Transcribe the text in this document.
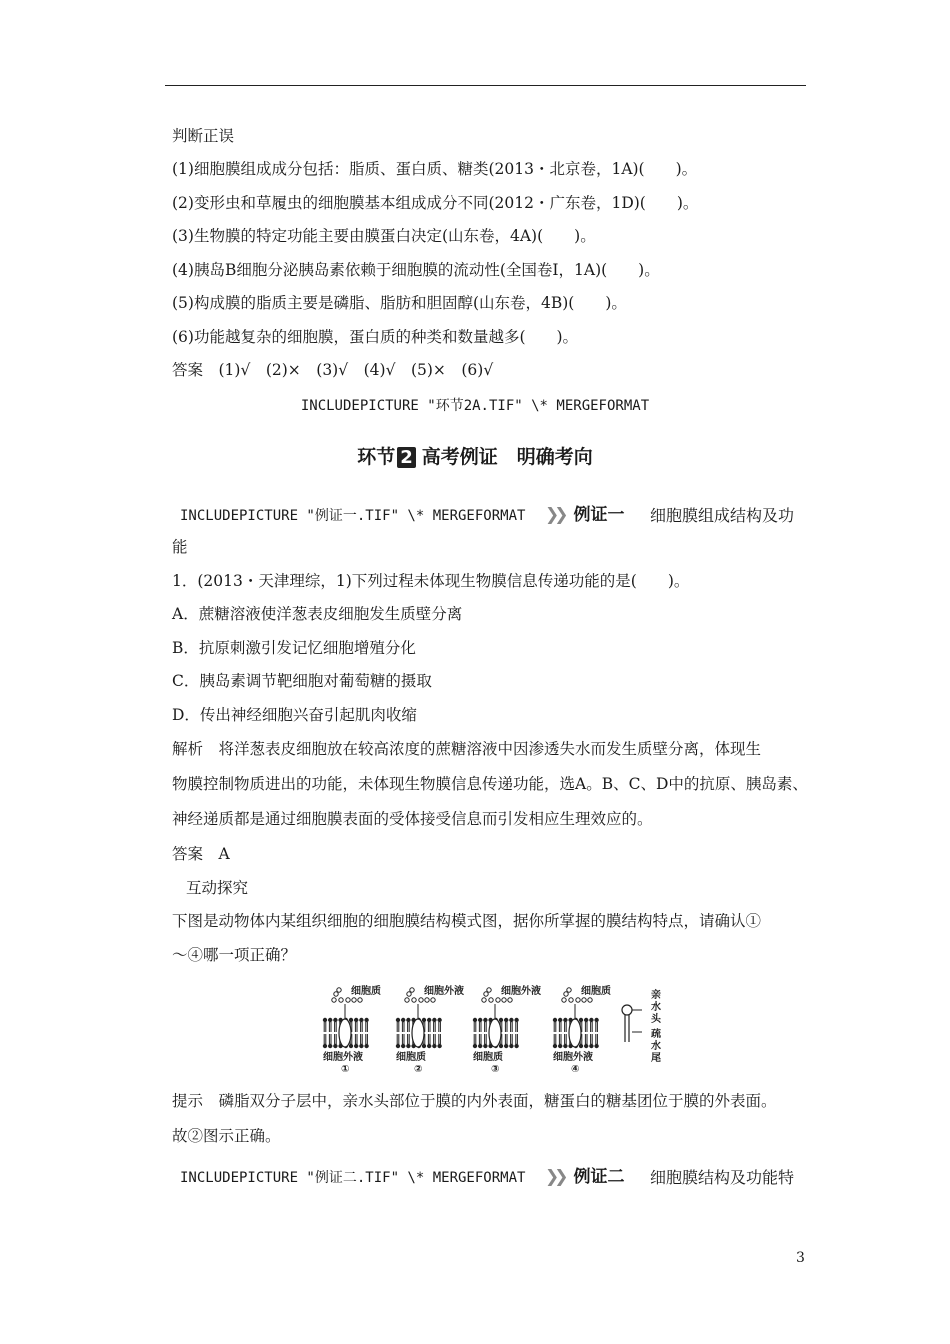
判断正误
(1)细胞膜组成成分包括：脂质、蛋白质、糖类(2013・北京卷，1A)(　　)。
(2)变形虫和草履虫的细胞膜基本组成成分不同(2012・广东卷，1D)(　　)。
(3)生物膜的特定功能主要由膜蛋白决定(山东卷，4A)(　　)。
(4)胰岛B细胞分泌胰岛素依赖于细胞膜的流动性(全国卷Ⅰ，1A)(　　)。
(5)构成膜的脂质主要是磷脂、脂肪和胆固醇(山东卷，4B)(　　)。
(6)功能越复杂的细胞膜，蛋白质的种类和数量越多(　　)。
答案　(1)√　(2)×　(3)√　(4)√　(5)×　(6)√
INCLUDEPICTURE "环节2A.TIF" \* MERGEFORMAT
环节 2 高考例证　明确考向
INCLUDEPICTURE "例证一.TIF" \* MERGEFORMAT ❯❯ 例证一 细胞膜组成结构及功
能
1．(2013・天津理综，1)下列过程未体现生物膜信息传递功能的是(　　)。
A．蔗糖溶液使洋葱表皮细胞发生质壁分离
B．抗原刺激引发记忆细胞增殖分化
C．胰岛素调节靶细胞对葡萄糖的摄取
D．传出神经细胞兴奋引起肌肉收缩
解析　将洋葱表皮细胞放在较高浓度的蔗糖溶液中因渗透失水而发生质壁分离，体现生
物膜控制物质进出的功能，未体现生物膜信息传递功能，选A。B、C、D中的抗原、胰岛素、
神经递质都是通过细胞膜表面的受体接受信息而引发相应生理效应的。
答案　A
互动探究
下图是动物体内某组织细胞的细胞膜结构模式图，据你所掌握的膜结构特点，请确认①
～④哪一项正确？
细胞质
细胞外液
①
细胞外液
细胞质
②
细胞外液
细胞质
③
细胞质
细胞外液
④
亲
水
头
疏
水
尾
提示　磷脂双分子层中，亲水头部位于膜的内外表面，糖蛋白的糖基团位于膜的外表面。
故②图示正确。
INCLUDEPICTURE "例证二.TIF" \* MERGEFORMAT ❯❯ 例证二 细胞膜结构及功能特
3
